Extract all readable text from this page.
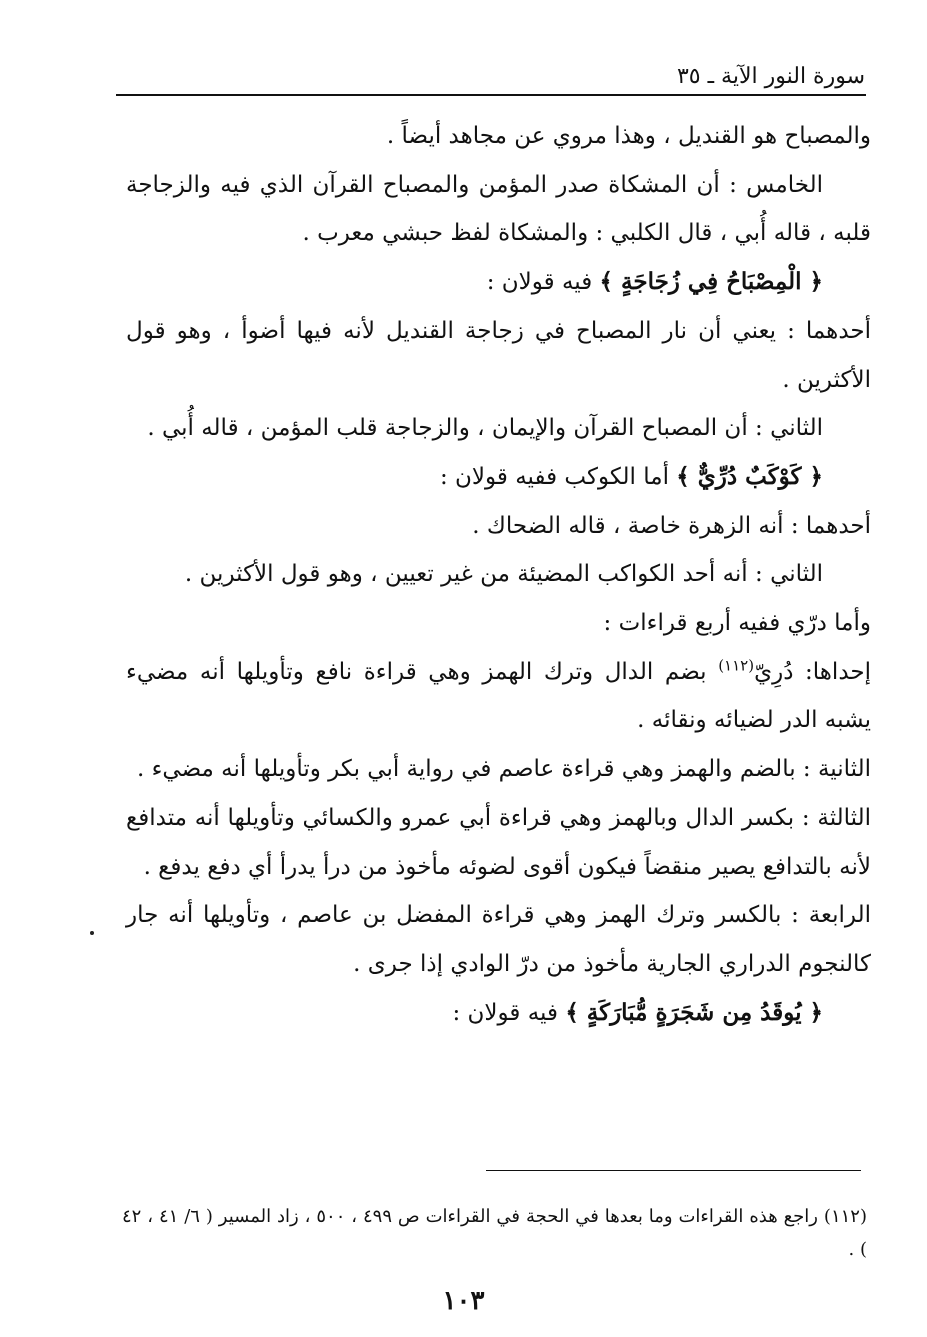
سورة النور الآية ـ ٣٥

والمصباح هو القنديل ، وهذا مروي عن مجاهد أيضاً .

الخامس : أن المشكاة صدر المؤمن والمصباح القرآن الذي فيه والزجاجة قلبه ، قاله أُبي ، قال الكلبي : والمشكاة لفظ حبشي معرب .

﴿ الْمِصْبَاحُ فِي زُجَاجَةٍ ﴾ فيه قولان :

أحدهما : يعني أن نار المصباح في زجاجة القنديل لأنه فيها أضوأ ، وهو قول الأكثرين .

الثاني : أن المصباح القرآن والإيمان ، والزجاجة قلب المؤمن ، قاله أُبي .

﴿ كَوْكَبٌ دُرِّيٌّ ﴾ أما الكوكب ففيه قولان :

أحدهما : أنه الزهرة خاصة ، قاله الضحاك .

الثاني : أنه أحد الكواكب المضيئة من غير تعيين ، وهو قول الأكثرين .

وأما درّي ففيه أربع قراءات :

إحداها: دُرِيّ$^{(١١٢)}$ بضم الدال وترك الهمز وهي قراءة نافع وتأويلها أنه مضيء يشبه الدر لضيائه ونقائه .

الثانية : بالضم والهمز وهي قراءة عاصم في رواية أبي بكر وتأويلها أنه مضيء .

الثالثة : بكسر الدال وبالهمز وهي قراءة أبي عمرو والكسائي وتأويلها أنه متدافع لأنه بالتدافع يصير منقضاً فيكون أقوى لضوئه مأخوذ من درأ يدرأ أي دفع يدفع .

الرابعة : بالكسر وترك الهمز وهي قراءة المفضل بن عاصم ، وتأويلها أنه جار كالنجوم الدراري الجارية مأخوذ من درّ الوادي إذا جرى .

﴿ يُوقَدُ مِن شَجَرَةٍ مُّبَارَكَةٍ ﴾ فيه قولان :

(١١٢) راجع هذه القراءات وما بعدها في الحجة في القراءات ص ٤٩٩ ، ٥٠٠ ، زاد المسير ( ٦/ ٤١ ، ٤٢ ) .
١٠٣
